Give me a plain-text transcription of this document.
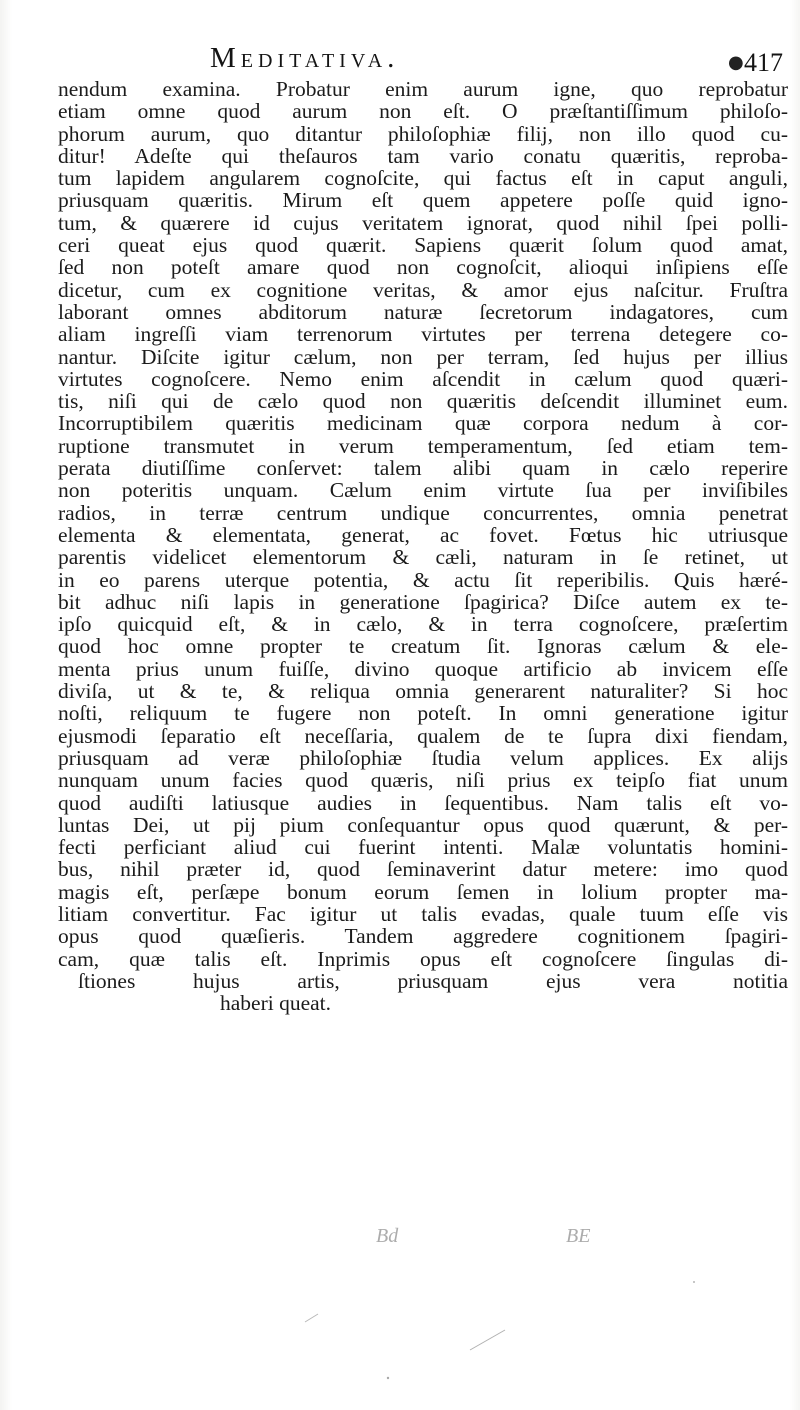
Meditativa.	● 417
nendum examina. Probatur enim aurum igne, quo reprobatur
etiam omne quod aurum non eſt. O præſtantiſſimum philoſo-
phorum aurum, quo ditantur philoſophiæ filij, non illo quod cu-
ditur! Adeſte qui theſauros tam vario conatu quæritis, reproba-
tum lapidem angularem cognoſcite, qui factus eſt in caput anguli,
priusquam quæritis. Mirum eſt quem appetere poſſe quid igno-
tum, & quærere id cujus veritatem ignorat, quod nihil ſpei polli-
ceri queat ejus quod quærit. Sapiens quærit ſolum quod amat,
ſed non poteſt amare quod non cognoſcit, alioqui inſipiens eſſe
dicetur, cum ex cognitione veritas, & amor ejus naſcitur. Fruſtra
laborant omnes abditorum naturæ ſecretorum indagatores, cum
aliam ingreſſi viam terrenorum virtutes per terrena detegere co-
nantur. Diſcite igitur cælum, non per terram, ſed hujus per illius
virtutes cognoſcere. Nemo enim aſcendit in cælum quod quæri-
tis, niſi qui de cælo quod non quæritis deſcendit illuminet eum.
Incorruptibilem quæritis medicinam quæ corpora nedum à cor-
ruptione transmutet in verum temperamentum, ſed etiam tem-
perata diutiſſime conſervet: talem alibi quam in cælo reperire
non poteritis unquam. Cælum enim virtute ſua per inviſibiles
radios, in terræ centrum undique concurrentes, omnia penetrat
elementa & elementata, generat, ac fovet. Fœtus hic utriusque
parentis videlicet elementorum & cæli, naturam in ſe retinet, ut
in eo parens uterque potentia, & actu ſit reperibilis. Quis hæré-
bit adhuc niſi lapis in generatione ſpagirica? Diſce autem ex te-
ipſo quicquid eſt, & in cælo, & in terra cognoſcere, præſertim
quod hoc omne propter te creatum ſit. Ignoras cælum & ele-
menta prius unum fuiſſe, divino quoque artificio ab invicem eſſe
diviſa, ut & te, & reliqua omnia generarent naturaliter? Si hoc
noſti, reliquum te fugere non poteſt. In omni generatione igitur
ejusmodi ſeparatio eſt neceſſaria, qualem de te ſupra dixi fiendam,
priusquam ad veræ philoſophiæ ſtudia velum applices. Ex alijs
nunquam unum facies quod quæris, niſi prius ex teipſo fiat unum
quod audiſti latiusque audies in ſequentibus. Nam talis eſt vo-
luntas Dei, ut pij pium conſequantur opus quod quærunt, & per-
fecti perficiant aliud cui fuerint intenti. Malæ voluntatis homini-
bus, nihil præter id, quod ſeminaverint datur metere: imo quod
magis eſt, perſæpe bonum eorum ſemen in lolium propter ma-
litiam convertitur. Fac igitur ut talis evadas, quale tuum eſſe vis
opus quod quæſieris. Tandem aggredere cognitionem ſpagiri-
cam, quæ talis eſt. Inprimis opus eſt cognoſcere ſingulas di-
ſtiones hujus artis, priusquam ejus vera notitia
haberi queat.
Bd	BE
